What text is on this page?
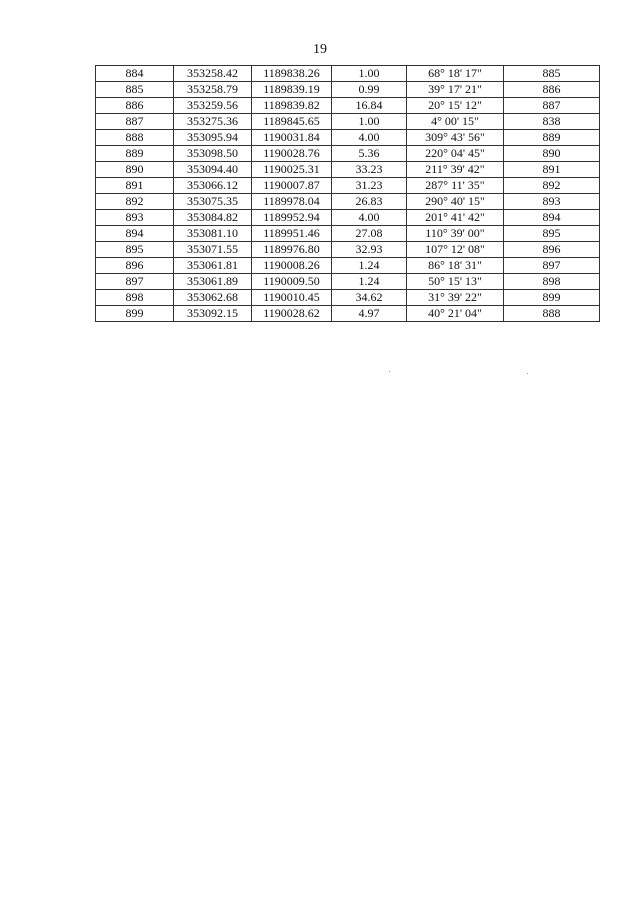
19
884	353258.42	1189838.26	1.00	68° 18' 17"	885
885	353258.79	1189839.19	0.99	39° 17' 21"	886
886	353259.56	1189839.82	16.84	20° 15' 12"	887
887	353275.36	1189845.65	1.00	4° 00' 15"	838
888	353095.94	1190031.84	4.00	309° 43' 56"	889
889	353098.50	1190028.76	5.36	220° 04' 45"	890
890	353094.40	1190025.31	33.23	211° 39' 42"	891
891	353066.12	1190007.87	31.23	287° 11' 35"	892
892	353075.35	1189978.04	26.83	290° 40' 15"	893
893	353084.82	1189952.94	4.00	201° 41' 42"	894
894	353081.10	1189951.46	27.08	110° 39' 00"	895
895	353071.55	1189976.80	32.93	107° 12' 08"	896
896	353061.81	1190008.26	1.24	86° 18' 31"	897
897	353061.89	1190009.50	1.24	50° 15' 13"	898
898	353062.68	1190010.45	34.62	31° 39' 22"	899
899	353092.15	1190028.62	4.97	40° 21' 04"	888
